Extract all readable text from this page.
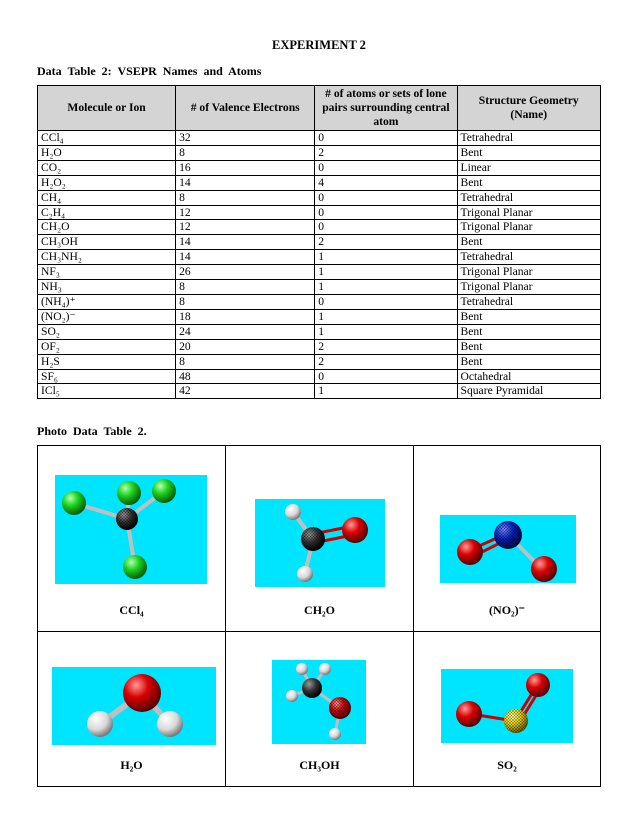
EXPERIMENT 2
Data Table 2: VSEPR Names and Atoms
Molecule or Ion	# of Valence Electrons	# of atoms or sets of lone pairs surrounding central atom	Structure Geometry (Name)
CCl₄	32	0	Tetrahedral
H₂O	8	2	Bent
CO₂	16	0	Linear
H₂O₂	14	4	Bent
CH₄	8	0	Tetrahedral
C₂H₄	12	0	Trigonal Planar
CH₂O	12	0	Trigonal Planar
CH₃OH	14	2	Bent
CH₃NH₂	14	1	Tetrahedral
NF₃	26	1	Trigonal Planar
NH₃	8	1	Trigonal Planar
(NH₄)⁺	8	0	Tetrahedral
(NO₂)⁻	18	1	Bent
SO₂	24	1	Bent
OF₂	20	2	Bent
H₂S	8	2	Bent
SF₆	48	0	Octahedral
ICl₅	42	1	Square Pyramidal
Photo Data Table 2.
CCl₄	CH₂O	(NO₂)⁻
H₂O	CH₃OH	SO₂
